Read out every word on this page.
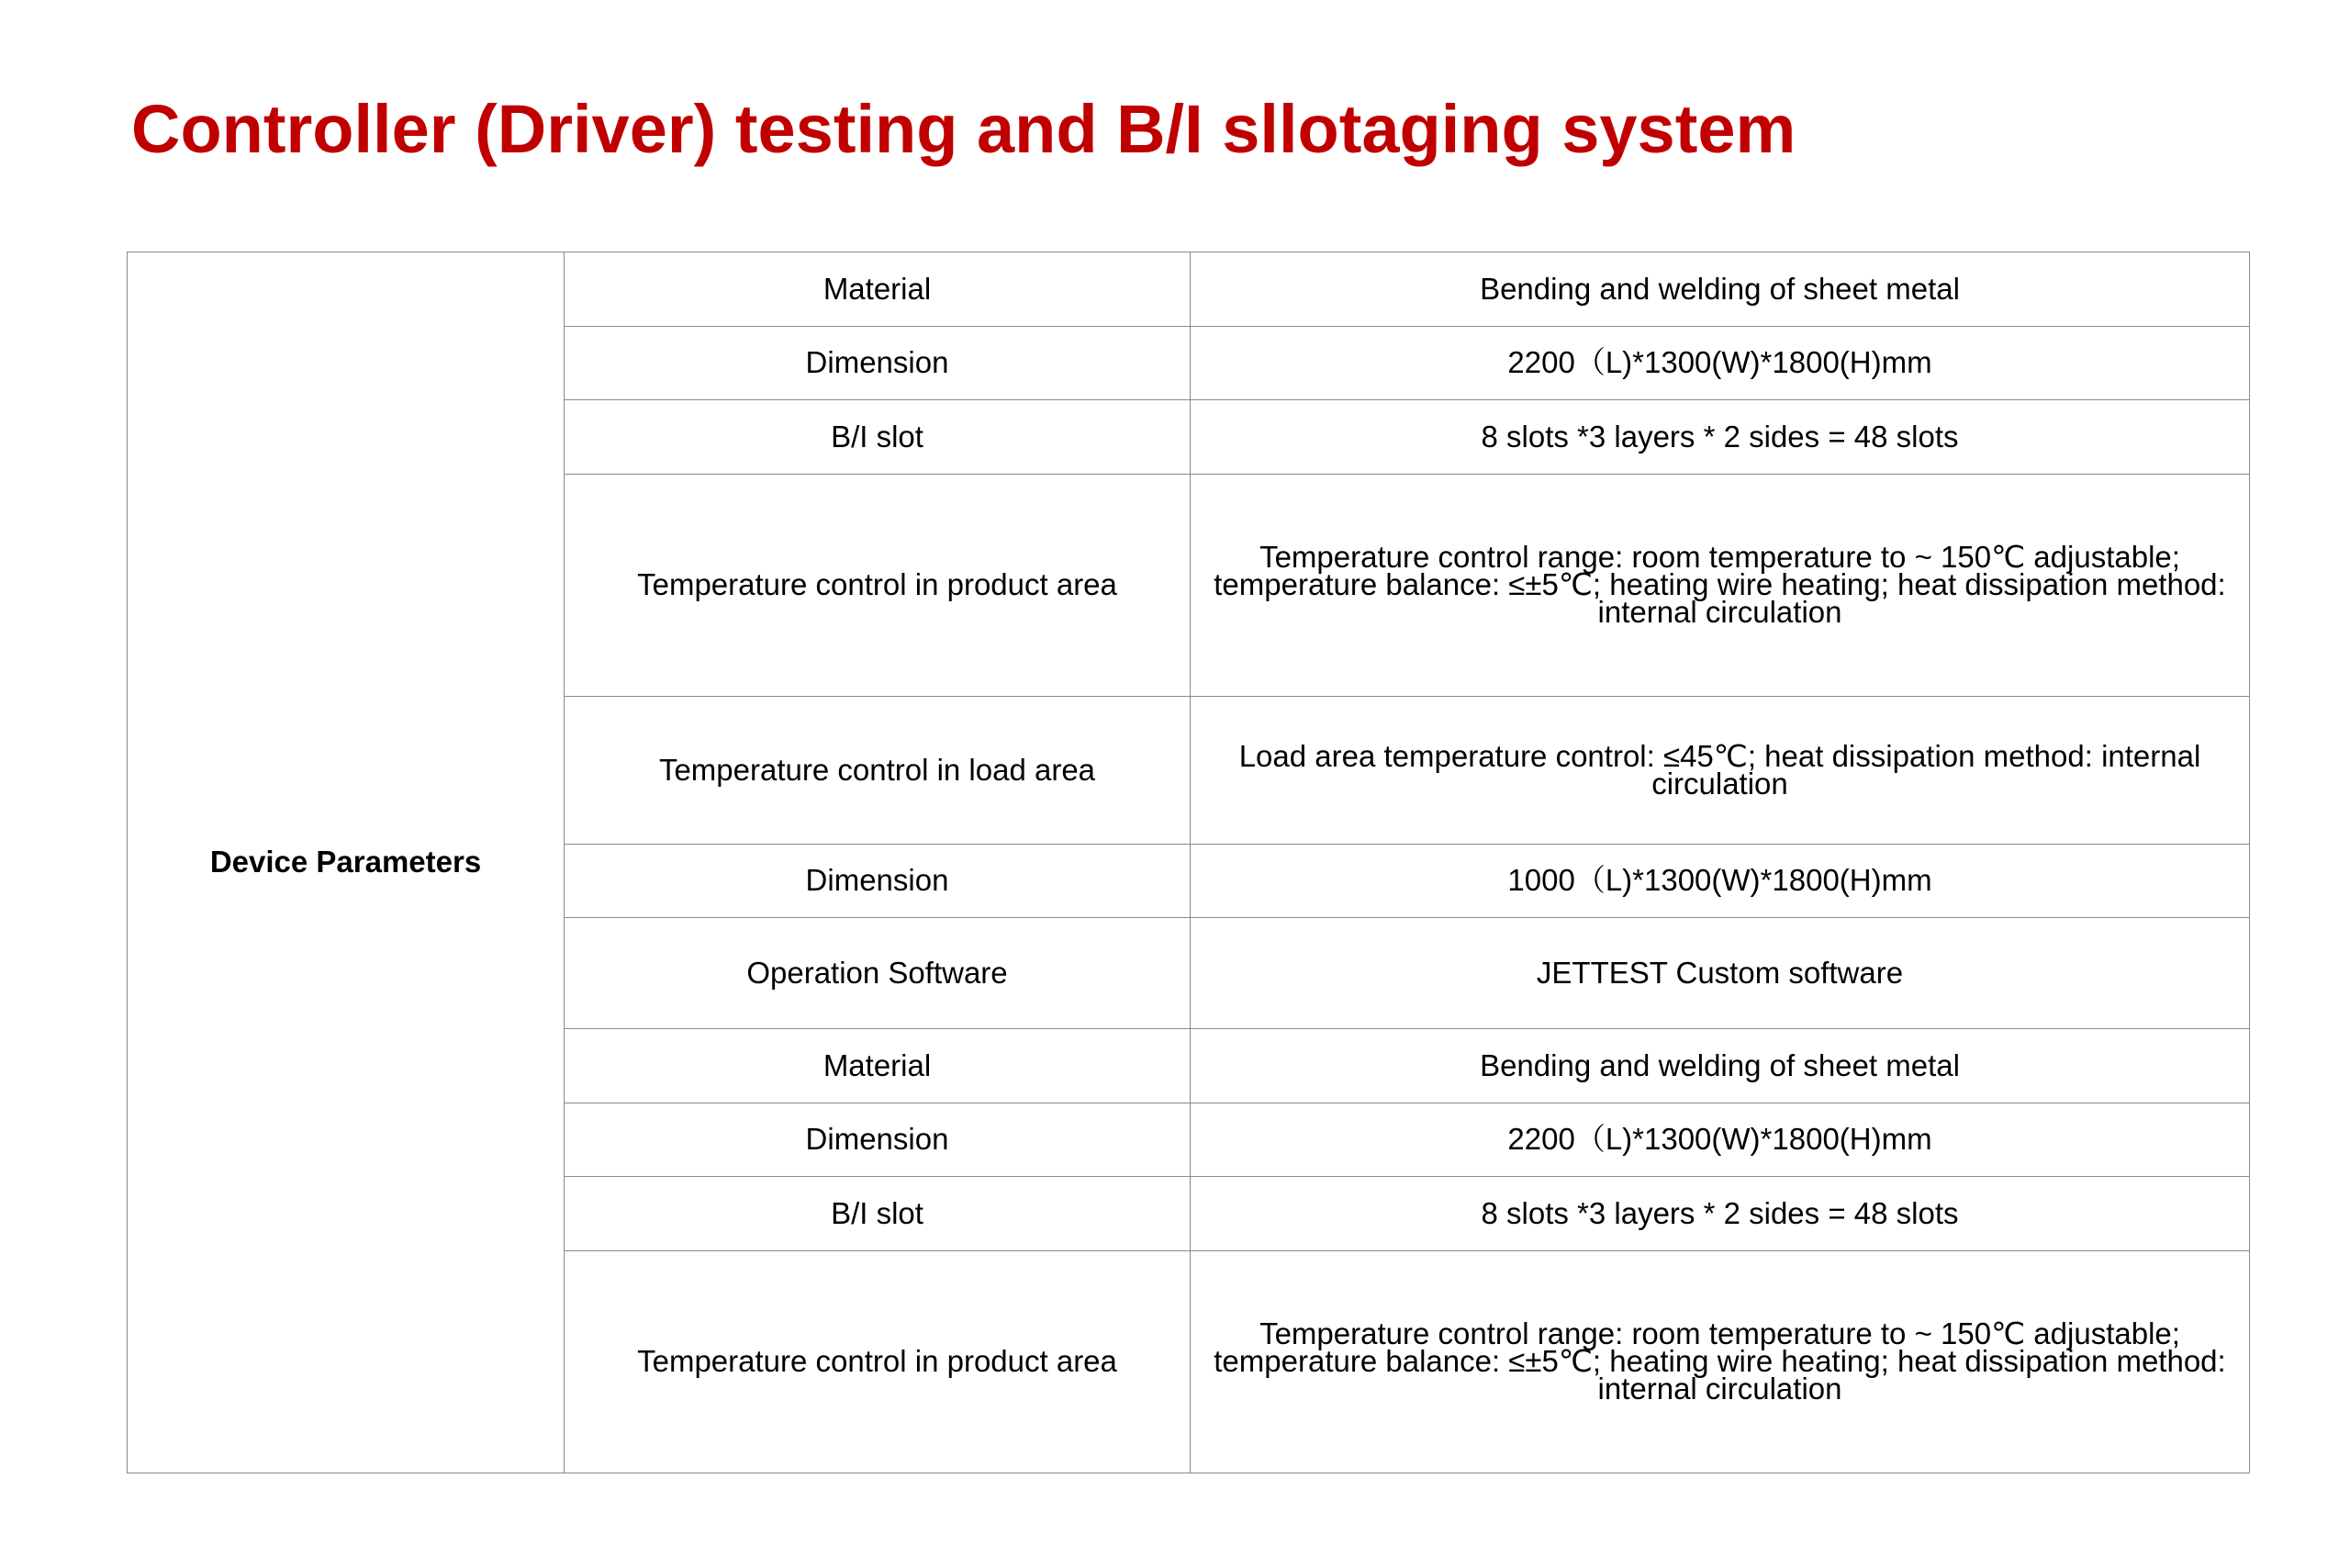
Controller (Driver) testing and B/I sllotaging system
Device Parameters	Material	Bending and welding of sheet metal
	Dimension	2200（L)*1300(W)*1800(H)mm
	B/I slot	8 slots *3 layers * 2 sides = 48 slots
	Temperature control in product area	Temperature control range: room temperature to ~ 150℃ adjustable; temperature balance: ≤±5℃; heating wire heating; heat dissipation method: internal circulation
	Temperature control in load area	Load area temperature control: ≤45℃; heat dissipation method: internal circulation
	Dimension	1000（L)*1300(W)*1800(H)mm
	Operation Software	JETTEST Custom software
	Material	Bending and welding of sheet metal
	Dimension	2200（L)*1300(W)*1800(H)mm
	B/I slot	8 slots *3 layers * 2 sides = 48 slots
	Temperature control in product area	Temperature control range: room temperature to ~ 150℃ adjustable; temperature balance: ≤±5℃; heating wire heating; heat dissipation method: internal circulation
